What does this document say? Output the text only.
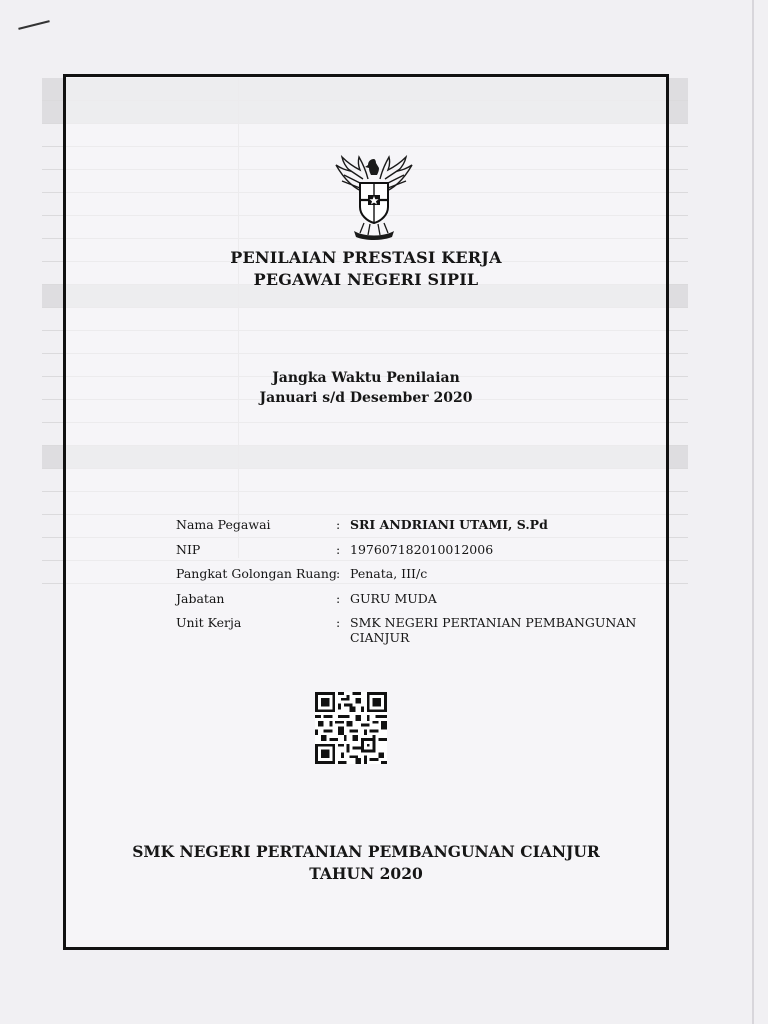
PENILAIAN PRESTASI KERJA
PEGAWAI NEGERI SIPIL
Jangka Waktu Penilaian
Januari s/d Desember 2020
Nama Pegawai	: SRI ANDRIANI UTAMI, S.Pd
NIP	: 197607182010012006
Pangkat Golongan Ruang : Penata, III/c
Jabatan	: GURU MUDA
Unit Kerja	: SMK NEGERI PERTANIAN PEMBANGUNAN CIANJUR
SMK NEGERI PERTANIAN PEMBANGUNAN CIANJUR
TAHUN 2020
